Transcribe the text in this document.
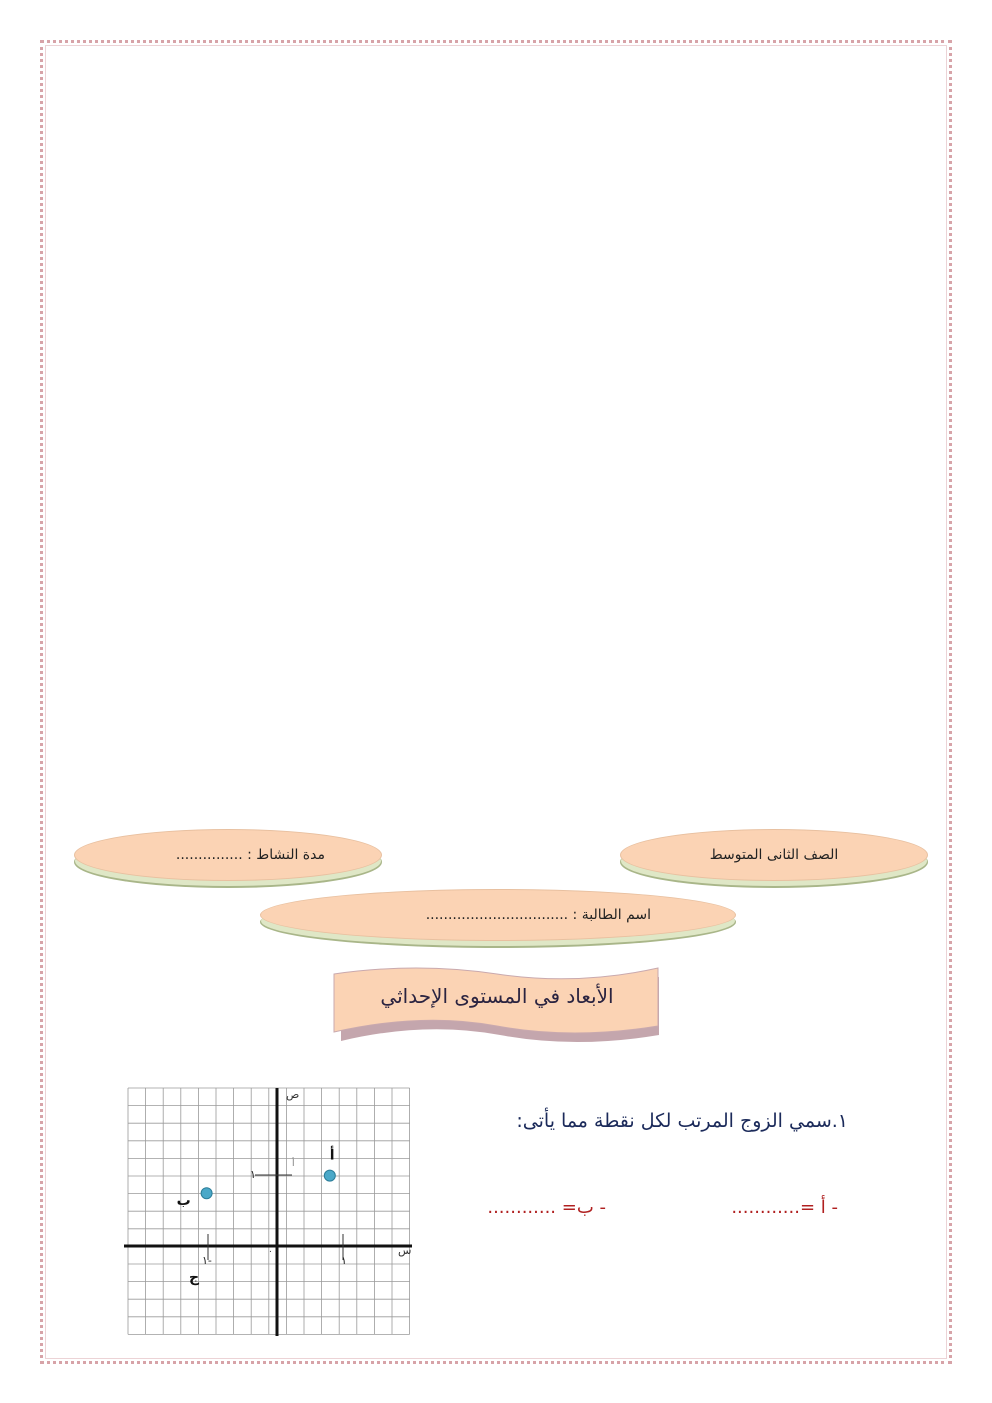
الصف الثانى المتوسط
مدة النشاط : ...............
اسم الطالبة : ................................
الأبعاد في المستوى الإحداثي
١.سمي الزوج المرتب لكل نقطة مما يأتى:
- أ =............
- ب= ............
ص
س
١
أ
١-
٠
١
أ
ب
ج
